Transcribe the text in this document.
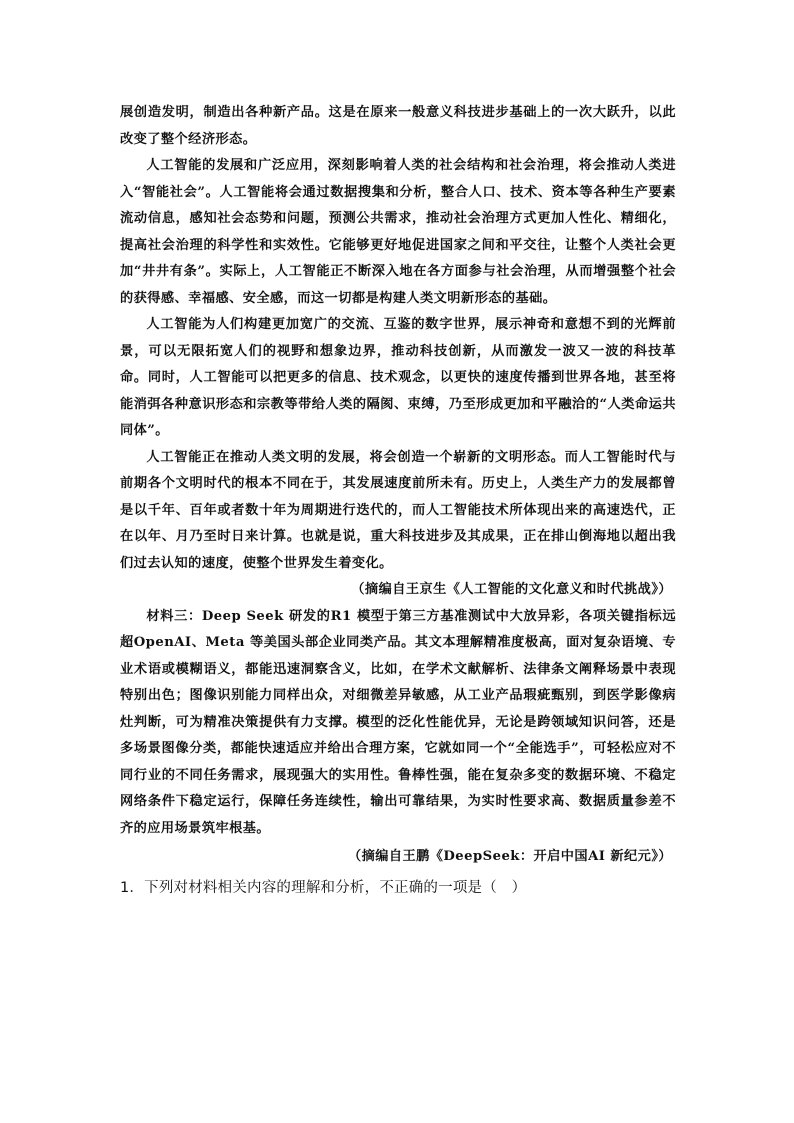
展创造发明，制造出各种新产品。这是在原来一般意义科技进步基础上的一次大跃升，以此改变了整个经济形态。

人工智能的发展和广泛应用，深刻影响着人类的社会结构和社会治理，将会推动人类进入“智能社会”。人工智能将会通过数据搜集和分析，整合人口、技术、资本等各种生产要素流动信息，感知社会态势和问题，预测公共需求，推动社会治理方式更加人性化、精细化，提高社会治理的科学性和实效性。它能够更好地促进国家之间和平交往，让整个人类社会更加“井井有条”。实际上，人工智能正不断深入地在各方面参与社会治理，从而增强整个社会的获得感、幸福感、安全感，而这一切都是构建人类文明新形态的基础。

人工智能为人们构建更加宽广的交流、互鉴的数字世界，展示神奇和意想不到的光辉前景，可以无限拓宽人们的视野和想象边界，推动科技创新，从而激发一波又一波的科技革命。同时，人工智能可以把更多的信息、技术观念，以更快的速度传播到世界各地，甚至将能消弭各种意识形态和宗教等带给人类的隔阂、束缚，乃至形成更加和平融洽的“人类命运共同体”。

人工智能正在推动人类文明的发展，将会创造一个崭新的文明形态。而人工智能时代与前期各个文明时代的根本不同在于，其发展速度前所未有。历史上，人类生产力的发展都曾是以千年、百年或者数十年为周期进行迭代的，而人工智能技术所体现出来的高速迭代，正在以年、月乃至时日来计算。也就是说，重大科技进步及其成果，正在排山倒海地以超出我们过去认知的速度，使整个世界发生着变化。

（摘编自王京生《人工智能的文化意义和时代挑战》）

材料三：Deep Seek 研发的R1 模型于第三方基准测试中大放异彩，各项关键指标远超OpenAI、Meta 等美国头部企业同类产品。其文本理解精准度极高，面对复杂语境、专业术语或模糊语义，都能迅速洞察含义，比如，在学术文献解析、法律条文阐释场景中表现特别出色；图像识别能力同样出众，对细微差异敏感，从工业产品瑕疵甄别，到医学影像病灶判断，可为精准决策提供有力支撑。模型的泛化性能优异，无论是跨领域知识问答，还是多场景图像分类，都能快速适应并给出合理方案，它就如同一个“全能选手”，可轻松应对不同行业的不同任务需求，展现强大的实用性。鲁棒性强，能在复杂多变的数据环境、不稳定网络条件下稳定运行，保障任务连续性，输出可靠结果，为实时性要求高、数据质量参差不齐的应用场景筑牢根基。

（摘编自王鹏《DeepSeek：开启中国AI 新纪元》）

1．下列对材料相关内容的理解和分析，不正确的一项是（　）
